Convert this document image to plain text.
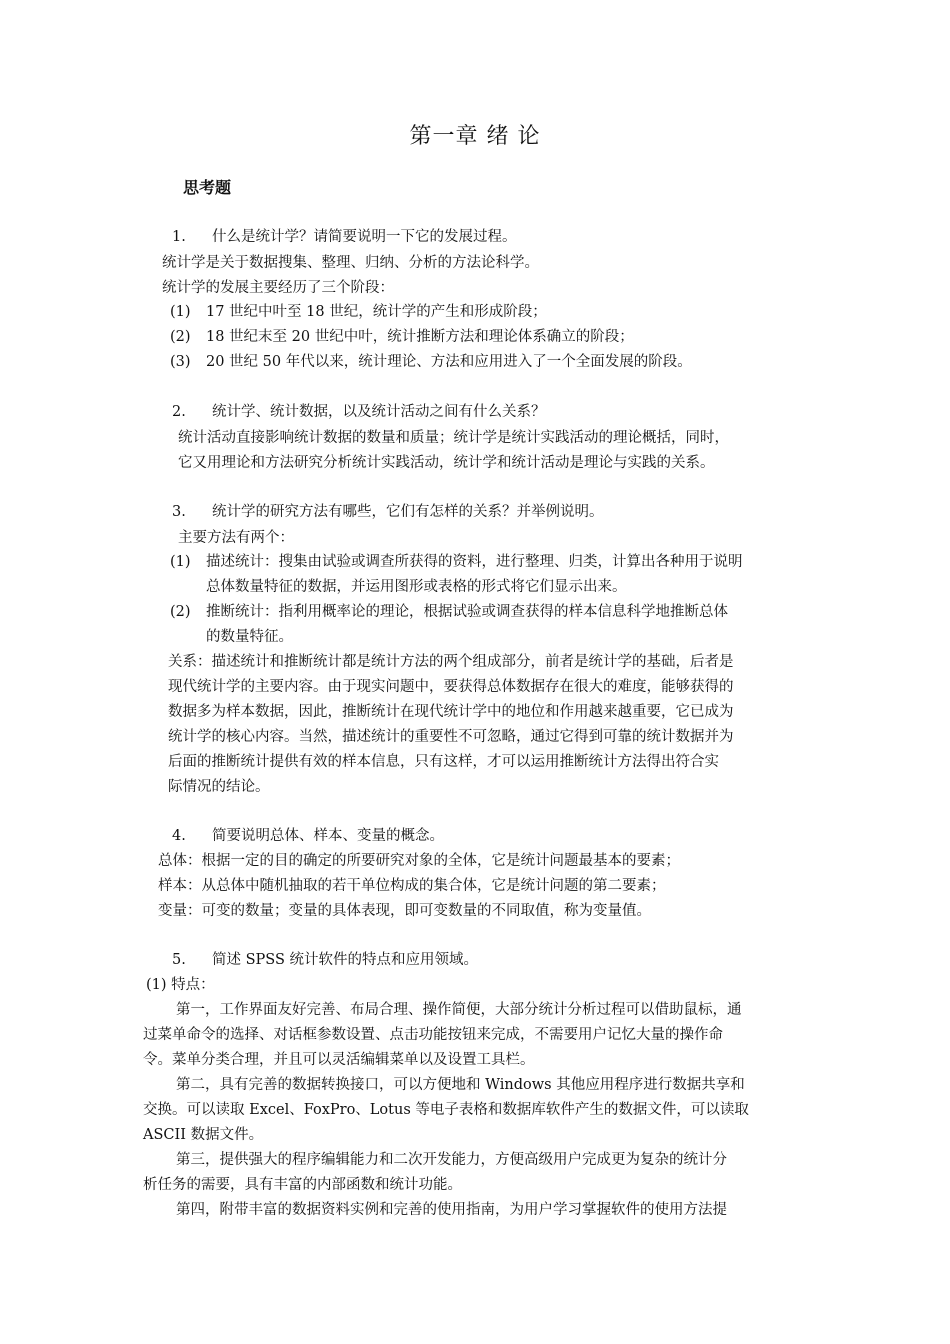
第一章 绪 论
思考题
1. 什么是统计学？请简要说明一下它的发展过程。
统计学是关于数据搜集、整理、归纳、分析的方法论科学。
统计学的发展主要经历了三个阶段：
(1) 17 世纪中叶至 18 世纪，统计学的产生和形成阶段；
(2) 18 世纪末至 20 世纪中叶，统计推断方法和理论体系确立的阶段；
(3) 20 世纪 50 年代以来，统计理论、方法和应用进入了一个全面发展的阶段。
2. 统计学、统计数据，以及统计活动之间有什么关系？
统计活动直接影响统计数据的数量和质量；统计学是统计实践活动的理论概括，同时，
它又用理论和方法研究分析统计实践活动，统计学和统计活动是理论与实践的关系。
3. 统计学的研究方法有哪些，它们有怎样的关系？并举例说明。
主要方法有两个：
(1) 描述统计：搜集由试验或调查所获得的资料，进行整理、归类，计算出各种用于说明
总体数量特征的数据，并运用图形或表格的形式将它们显示出来。
(2) 推断统计：指利用概率论的理论，根据试验或调查获得的样本信息科学地推断总体
的数量特征。
关系：描述统计和推断统计都是统计方法的两个组成部分，前者是统计学的基础，后者是
现代统计学的主要内容。由于现实问题中，要获得总体数据存在很大的难度，能够获得的
数据多为样本数据，因此，推断统计在现代统计学中的地位和作用越来越重要，它已成为
统计学的核心内容。当然，描述统计的重要性不可忽略，通过它得到可靠的统计数据并为
后面的推断统计提供有效的样本信息，只有这样，才可以运用推断统计方法得出符合实
际情况的结论。
4. 简要说明总体、样本、变量的概念。
总体：根据一定的目的确定的所要研究对象的全体，它是统计问题最基本的要素；
样本：从总体中随机抽取的若干单位构成的集合体，它是统计问题的第二要素；
变量：可变的数量；变量的具体表现，即可变数量的不同取值，称为变量值。
5. 简述 SPSS 统计软件的特点和应用领域。
(1) 特点：
第一，工作界面友好完善、布局合理、操作简便，大部分统计分析过程可以借助鼠标，通
过菜单命令的选择、对话框参数设置、点击功能按钮来完成，不需要用户记忆大量的操作命
令。菜单分类合理，并且可以灵活编辑菜单以及设置工具栏。
第二，具有完善的数据转换接口，可以方便地和 Windows 其他应用程序进行数据共享和
交换。可以读取 Excel、FoxPro、Lotus 等电子表格和数据库软件产生的数据文件，可以读取
ASCII 数据文件。
第三，提供强大的程序编辑能力和二次开发能力，方便高级用户完成更为复杂的统计分
析任务的需要，具有丰富的内部函数和统计功能。
第四，附带丰富的数据资料实例和完善的使用指南，为用户学习掌握软件的使用方法提
